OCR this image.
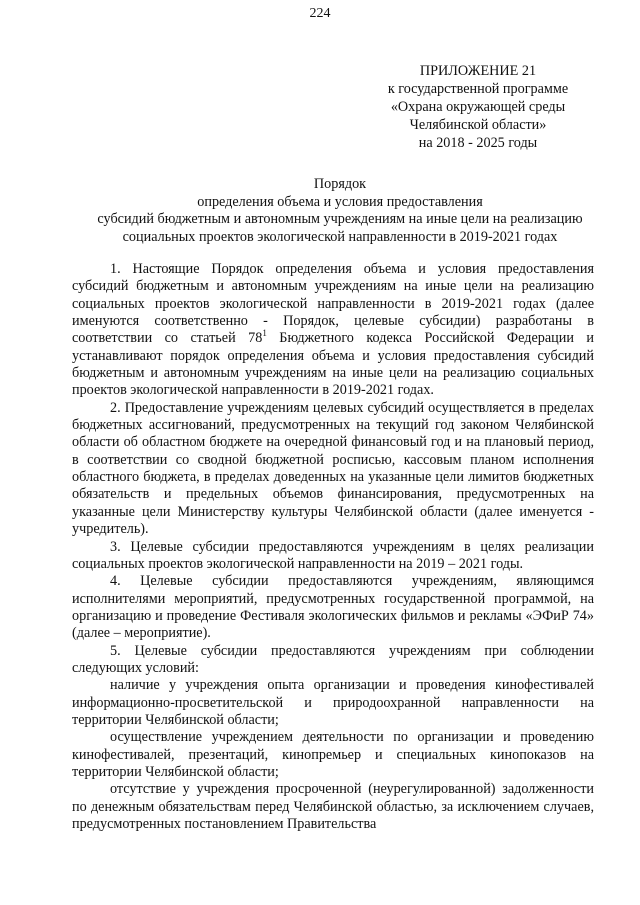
224
ПРИЛОЖЕНИЕ 21
к государственной программе
«Охрана окружающей среды
Челябинской области»
на 2018 - 2025 годы
Порядок
определения объема и условия предоставления
субсидий бюджетным и автономным учреждениям на иные цели на реализацию
социальных проектов экологической направленности в 2019-2021 годах

1. Настоящие Порядок определения объема и условия предоставления субсидий бюджетным и автономным учреждениям на иные цели на реализацию социальных проектов экологической направленности в 2019-2021 годах (далее именуются соответственно - Порядок, целевые субсидии) разработаны в соответствии со статьей $78^1$ Бюджетного кодекса Российской Федерации и устанавливают порядок определения объема и условия предоставления субсидий бюджетным и автономным учреждениям на иные цели на реализацию социальных проектов экологической направленности в 2019-2021 годах.

2. Предоставление учреждениям целевых субсидий осуществляется в пределах бюджетных ассигнований, предусмотренных на текущий год законом Челябинской области об областном бюджете на очередной финансовый год и на плановый период, в соответствии со сводной бюджетной росписью, кассовым планом исполнения областного бюджета, в пределах доведенных на указанные цели лимитов бюджетных обязательств и предельных объемов финансирования, предусмотренных на указанные цели Министерству культуры Челябинской области (далее именуется - учредитель).

3. Целевые субсидии предоставляются учреждениям в целях реализации социальных проектов экологической направленности на 2019 – 2021 годы.

4. Целевые субсидии предоставляются учреждениям, являющимся исполнителями мероприятий, предусмотренных государственной программой, на организацию и проведение Фестиваля экологических фильмов и рекламы «ЭФиР 74» (далее – мероприятие).

5. Целевые субсидии предоставляются учреждениям при соблюдении следующих условий:

наличие у учреждения опыта организации и проведения кинофестивалей информационно-просветительской и природоохранной направленности на территории Челябинской области;

осуществление учреждением деятельности по организации и проведению кинофестивалей, презентаций, кинопремьер и специальных кинопоказов на территории Челябинской области;

отсутствие у учреждения просроченной (неурегулированной) задолженности по денежным обязательствам перед Челябинской областью, за исключением случаев, предусмотренных постановлением Правительства
